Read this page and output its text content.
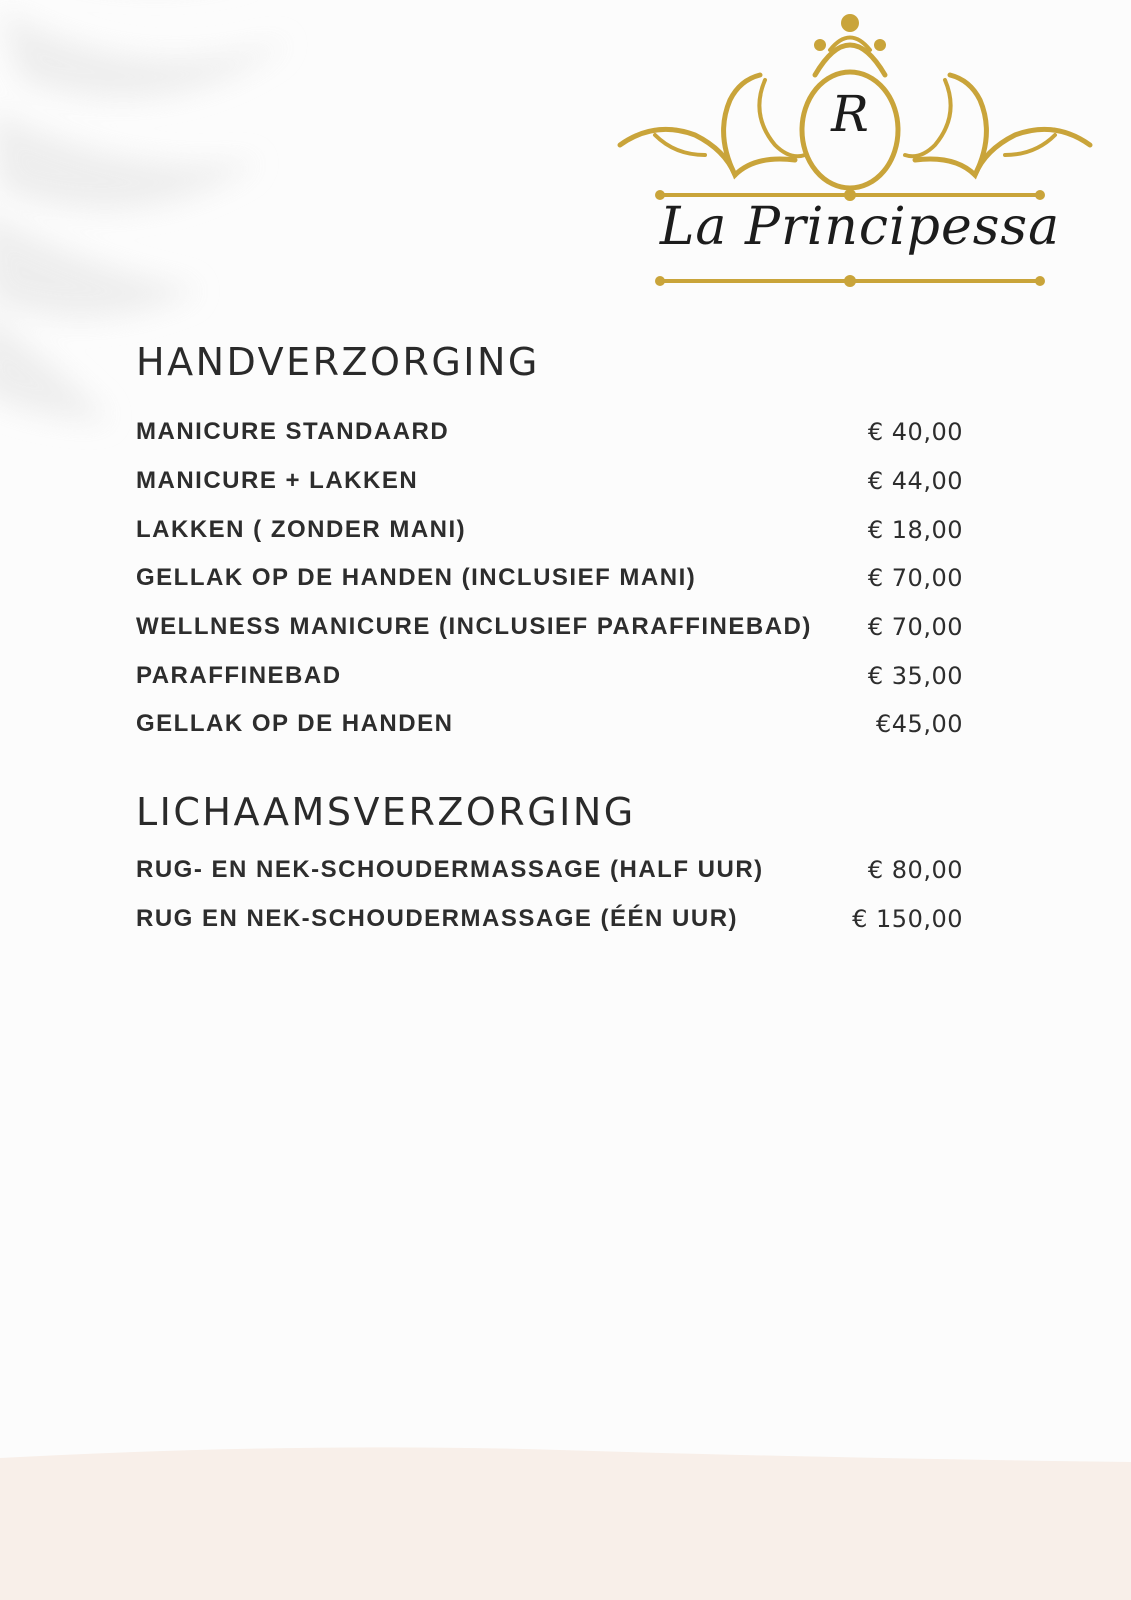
R
La Principessa
HANDVERZORGING
MANICURE STANDAARD	€ 40,00
MANICURE + LAKKEN	€ 44,00
LAKKEN ( ZONDER MANI)	€ 18,00
GELLAK OP DE HANDEN (INCLUSIEF MANI)	€ 70,00
WELLNESS MANICURE (INCLUSIEF PARAFFINEBAD) € 70,00
PARAFFINEBAD	€ 35,00
GELLAK OP DE HANDEN	€45,00
LICHAAMSVERZORGING
RUG- EN NEK-SCHOUDERMASSAGE (HALF UUR)	€ 80,00
RUG EN NEK-SCHOUDERMASSAGE (ÉÉN UUR)	€ 150,00
